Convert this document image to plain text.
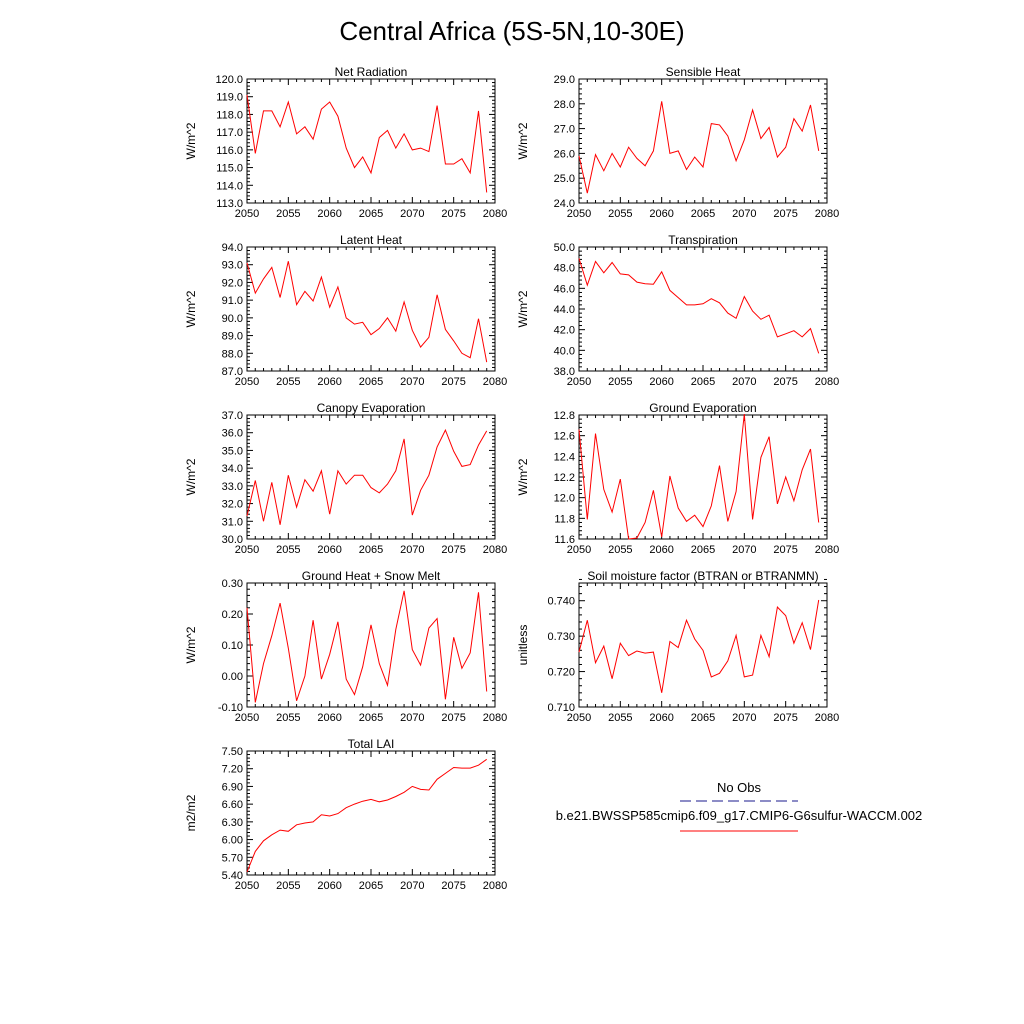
Central Africa (5S-5N,10-30E)
Net Radiation
2050 2055 2060 2065 2070 2075 2080
113.0
114.0
115.0
116.0
117.0
118.0
119.0
120.0
W/m^2
Sensible Heat
2050 2055 2060 2065 2070 2075 2080
24.0
25.0
26.0
27.0
28.0
29.0
W/m^2
Latent Heat
2050 2055 2060 2065 2070 2075 2080
87.0
88.0
89.0
90.0
91.0
92.0
93.0
94.0
W/m^2
Transpiration
2050 2055 2060 2065 2070 2075 2080
38.0
40.0
42.0
44.0
46.0
48.0
50.0
W/m^2
Canopy Evaporation
2050 2055 2060 2065 2070 2075 2080
30.0
31.0
32.0
33.0
34.0
35.0
36.0
37.0
W/m^2
Ground Evaporation
2050 2055 2060 2065 2070 2075 2080
11.6
11.8
12.0
12.2
12.4
12.6
12.8
W/m^2
Ground Heat + Snow Melt
2050 2055 2060 2065 2070 2075 2080
-0.10
0.00
0.10
0.20
0.30
W/m^2
Soil moisture factor (BTRAN or BTRANMN)
2050 2055 2060 2065 2070 2075 2080
0.710
0.720
0.730
0.740
unitless
Total LAI
2050 2055 2060 2065 2070 2075 2080
5.40
5.70
6.00
6.30
6.60
6.90
7.20
7.50
m2/m2
No Obs
b.e21.BWSSP585cmip6.f09_g17.CMIP6-G6sulfur-WACCM.002
